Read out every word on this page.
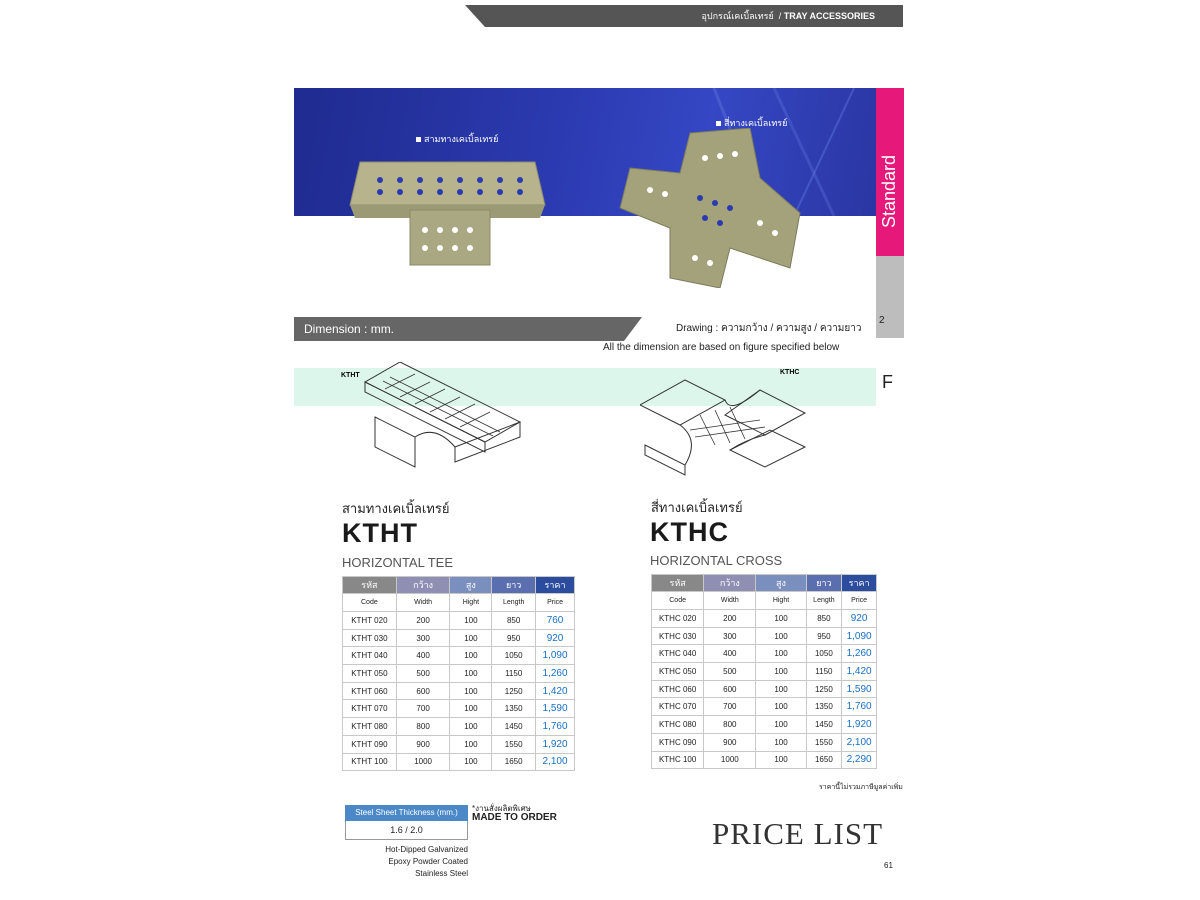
อุปกรณ์เคเบิ้ลเทรย์ / TRAY ACCESSORIES
สามทางเคเบิ้ลเทรย์
สี่ทางเคเบิ้ลเทรย์
Standard
F
$^2$
Dimension : mm.	Drawing : ความกว้าง / ความสูง / ความยาว
All the dimension are based on figure specified below
KTHT	KTHC
สามทางเคเบิ้ลเทรย์
KTHT
HORIZONTAL TEE
สี่ทางเคเบิ้ลเทรย์
KTHC
HORIZONTAL CROSS
รหัส	กว้าง	สูง	ยาว	ราคา
Code	Width	Hight	Length	Price
KTHT 020	200	100	850	760
KTHT 030	300	100	950	920
KTHT 040	400	100	1050	1,090
KTHT 050	500	100	1150	1,260
KTHT 060	600	100	1250	1,420
KTHT 070	700	100	1350	1,590
KTHT 080	800	100	1450	1,760
KTHT 090	900	100	1550	1,920
KTHT 100	1000	100	1650	2,100
รหัส	กว้าง	สูง	ยาว	ราคา
Code	Width	Hight	Length	Price
KTHC 020	200	100	850	920
KTHC 030	300	100	950	1,090
KTHC 040	400	100	1050	1,260
KTHC 050	500	100	1150	1,420
KTHC 060	600	100	1250	1,590
KTHC 070	700	100	1350	1,760
KTHC 080	800	100	1450	1,920
KTHC 090	900	100	1550	2,100
KTHC 100	1000	100	1650	2,290
ราคานี้ไม่รวมภาษีมูลค่าเพิ่ม
Steel Sheet Thickness (mm.)
1.6 / 2.0
*งานสั่งผลิตพิเศษ
MADE TO ORDER
Hot-Dipped Galvanized
Epoxy Powder Coated
Stainless Steel
PRICE LIST
61
